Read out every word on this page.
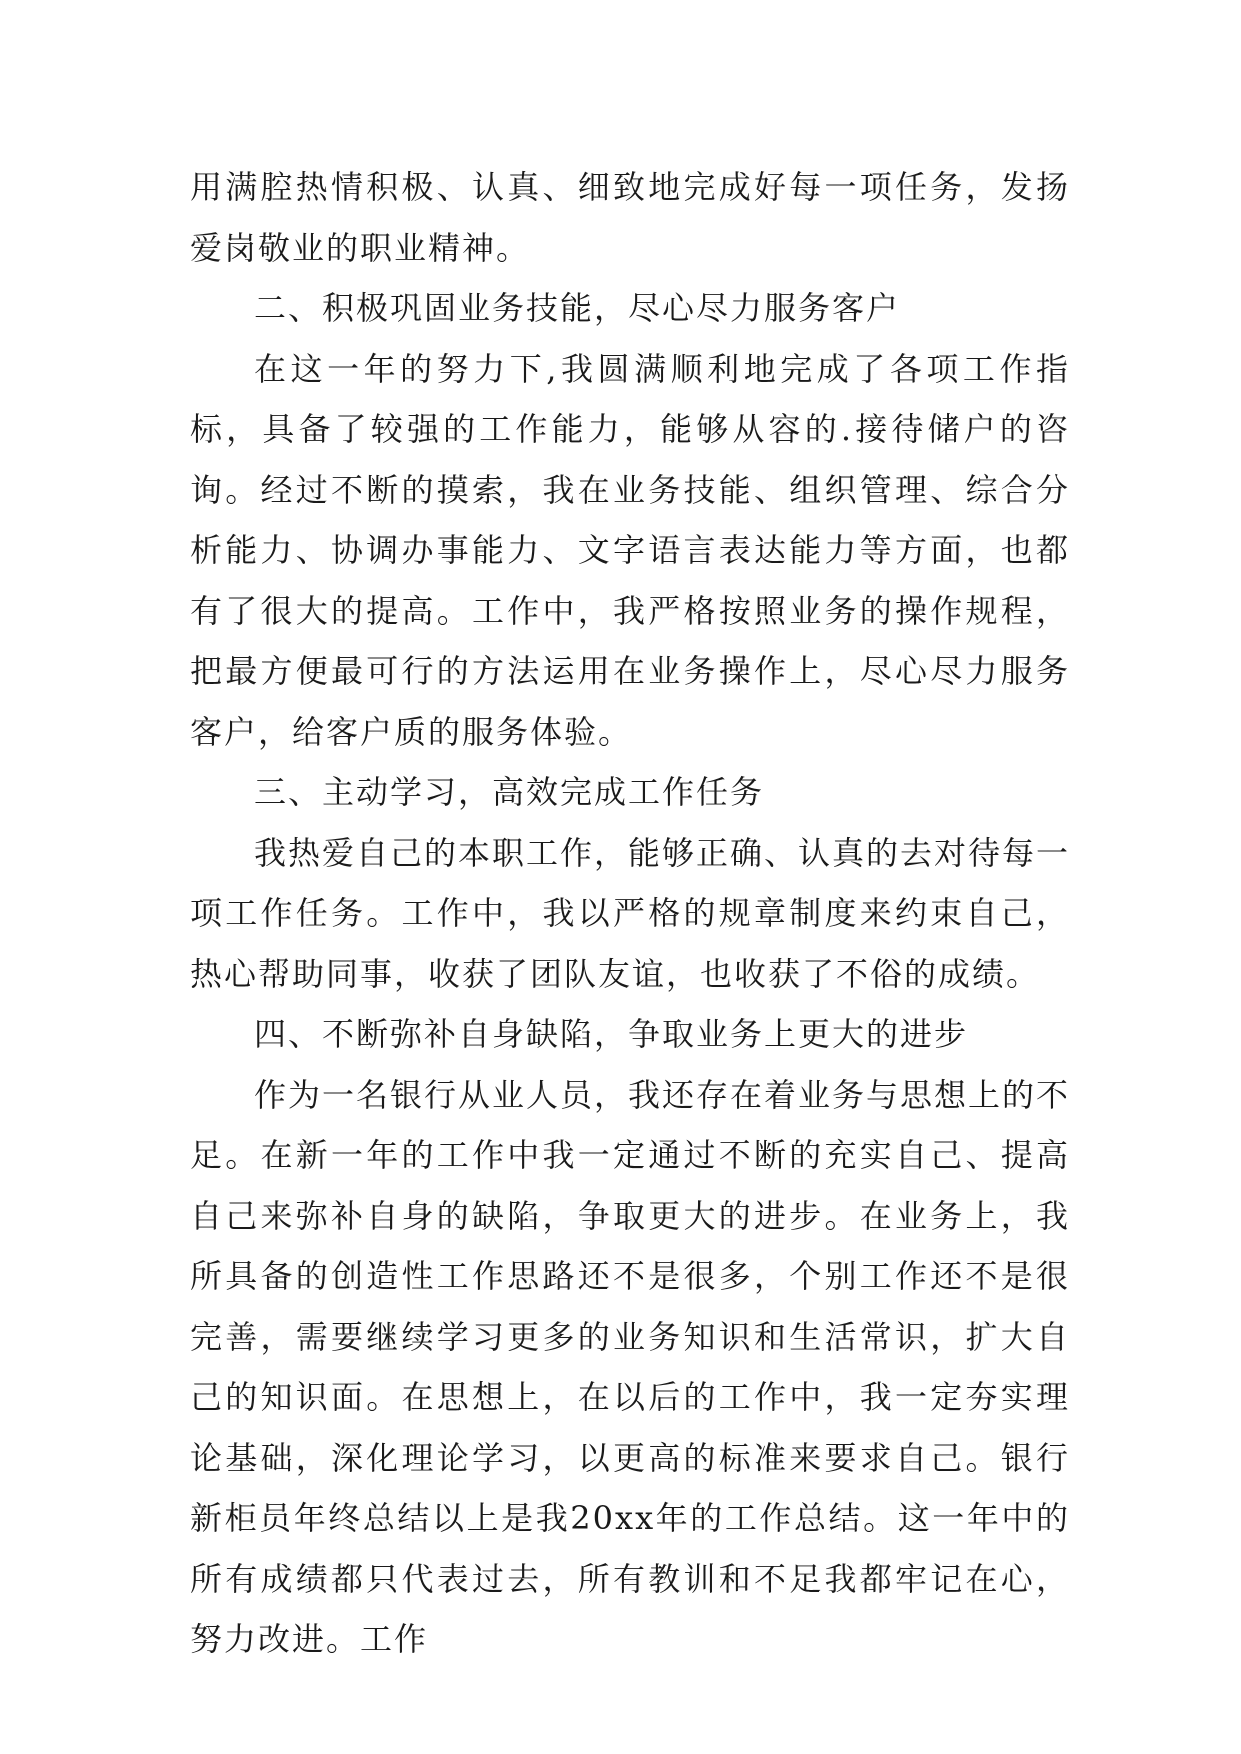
用满腔热情积极、认真、细致地完成好每一项任务，发扬爱岗敬业的职业精神。

二、积极巩固业务技能，尽心尽力服务客户

在这一年的努力下,我圆满顺利地完成了各项工作指标，具备了较强的工作能力，能够从容的.接待储户的咨询。经过不断的摸索，我在业务技能、组织管理、综合分析能力、协调办事能力、文字语言表达能力等方面，也都有了很大的提高。工作中，我严格按照业务的操作规程，把最方便最可行的方法运用在业务操作上，尽心尽力服务客户，给客户质的服务体验。

三、主动学习，高效完成工作任务

我热爱自己的本职工作，能够正确、认真的去对待每一项工作任务。工作中，我以严格的规章制度来约束自己，热心帮助同事，收获了团队友谊，也收获了不俗的成绩。

四、不断弥补自身缺陷，争取业务上更大的进步

作为一名银行从业人员，我还存在着业务与思想上的不足。在新一年的工作中我一定通过不断的充实自己、提高自己来弥补自身的缺陷，争取更大的进步。在业务上，我所具备的创造性工作思路还不是很多，个别工作还不是很完善，需要继续学习更多的业务知识和生活常识，扩大自己的知识面。在思想上，在以后的工作中，我一定夯实理论基础，深化理论学习，以更高的标准来要求自己。银行新柜员年终总结以上是我20xx年的工作总结。这一年中的所有成绩都只代表过去，所有教训和不足我都牢记在心，努力改进。工作
